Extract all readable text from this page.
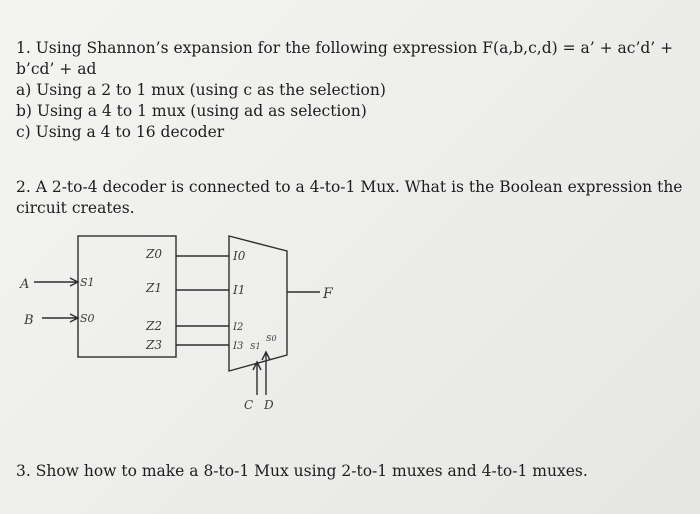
1. Using Shannon’s expansion for the following expression F(a,b,c,d) = a’ + ac’d’ +
b’cd’ + ad
a) Using a 2 to 1 mux (using c as the selection)
b) Using a 4 to 1 mux (using ad as selection)
c) Using a 4 to 16 decoder
2. A 2-to-4 decoder is connected to a 4-to-1 Mux. What is the Boolean expression the
circuit creates.
A
B
S1
S0
Z0
Z1
Z2
Z3
I0
I1
I2
I3 S1
S0
F
C D
3. Show how to make a 8-to-1 Mux using 2-to-1 muxes and 4-to-1 muxes.
